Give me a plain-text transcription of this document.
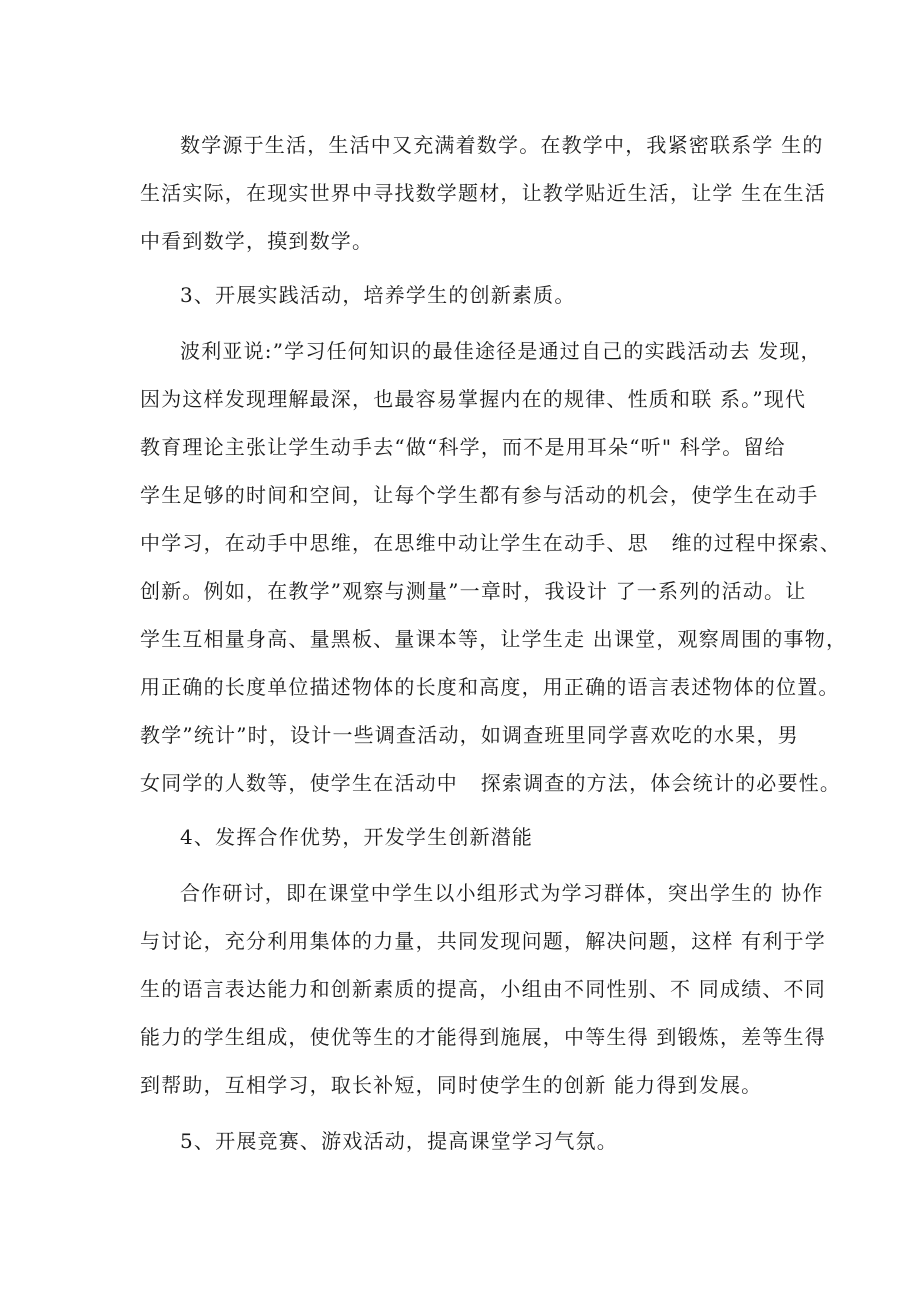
数学源于生活，生活中又充满着数学。在教学中，我紧密联系学 生的

生活实际，在现实世界中寻找数学题材，让教学贴近生活，让学 生在生活

中看到数学，摸到数学。

3、开展实践活动，培养学生的创新素质。

波利亚说:”学习任何知识的最佳途径是通过自己的实践活动去 发现，

因为这样发现理解最深，也最容易掌握内在的规律、性质和联 系。”现代

教育理论主张让学生动手去“做“科学，而不是用耳朵“听" 科学。留给

学生足够的时间和空间，让每个学生都有参与活动的机会，使学生在动手

中学习，在动手中思维，在思维中动让学生在动手、思   维的过程中探索、

创新。例如，在教学”观察与测量”一章时，我设计 了一系列的活动。让

学生互相量身高、量黑板、量课本等，让学生走 出课堂，观察周围的事物，

用正确的长度单位描述物体的长度和高度，用正确的语言表述物体的位置。

教学”统计”时，设计一些调查活动，如调查班里同学喜欢吃的水果，男

女同学的人数等，使学生在活动中   探索调查的方法，体会统计的必要性。

4、发挥合作优势，开发学生创新潜能

合作研讨，即在课堂中学生以小组形式为学习群体，突出学生的 协作

与讨论，充分利用集体的力量，共同发现问题，解决问题，这样 有利于学

生的语言表达能力和创新素质的提高，小组由不同性别、不 同成绩、不同

能力的学生组成，使优等生的才能得到施展，中等生得 到锻炼，差等生得

到帮助，互相学习，取长补短，同时使学生的创新 能力得到发展。

5、开展竞赛、游戏活动，提高课堂学习气氛。
